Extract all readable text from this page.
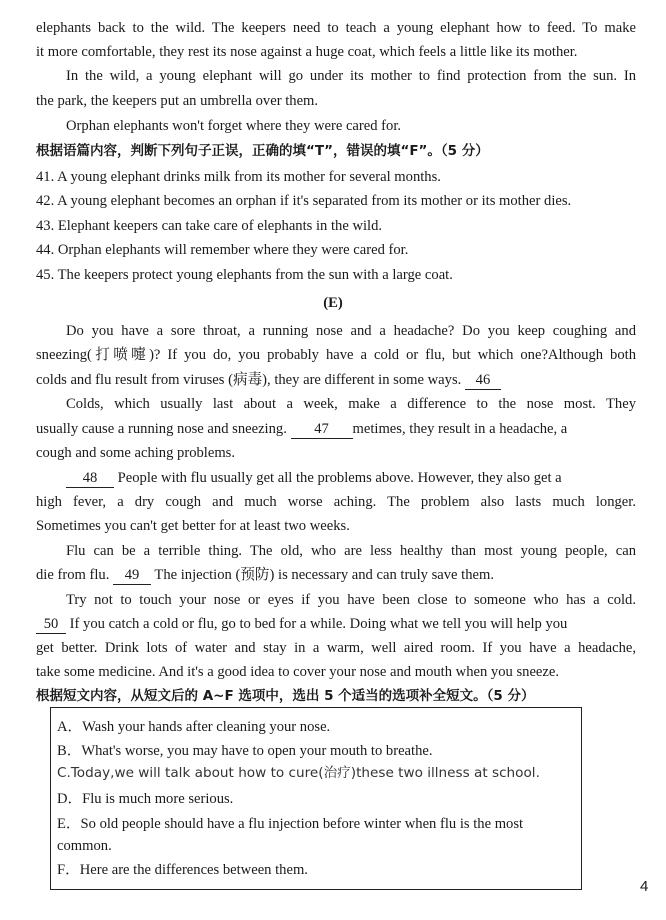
elephants back to the wild. The keepers need to teach a young elephant how to feed. To make

it more comfortable, they rest its nose against a huge coat, which feels a little like its mother.

In the wild, a young elephant will go under its mother to find protection from the sun. In

the park, the keepers put an umbrella over them.

Orphan elephants won't forget where they were cared for.

根据语篇内容，判断下列句子正误，正确的填“T”，错误的填“F”。（5 分）

41. A young elephant drinks milk from its mother for several months.

42. A young elephant becomes an orphan if it's separated from its mother or its mother dies.

43. Elephant keepers can take care of elephants in the wild.

44. Orphan elephants will remember where they were cared for.

45. The keepers protect young elephants from the sun with a large coat.

(E)

Do you have a sore throat, a running nose and a headache? Do you keep coughing and

sneezing(打喷嚏)? If you do, you probably have a cold or flu, but which one?Although both

colds and flu result from viruses (病毒), they are different in some ways. 46

Colds, which usually last about a week, make a difference to the nose most. They

usually cause a running nose and sneezing. 47 metimes, they result in a headache, a

cough and some aching problems.

48 People with flu usually get all the problems above. However, they also get a

high fever, a dry cough and much worse aching. The problem also lasts much longer.

Sometimes you can't get better for at least two weeks.

Flu can be a terrible thing. The old, who are less healthy than most young people, can

die from flu. 49 The injection (预防) is necessary and can truly save them.

Try not to touch your nose or eyes if you have been close to someone who has a cold.

50 If you catch a cold or flu, go to bed for a while. Doing what we tell you will help you

get better. Drink lots of water and stay in a warm, well aired room. If you have a headache,

take some medicine. And it's a good idea to cover your nose and mouth when you sneeze.

根据短文内容，从短文后的 A~F 选项中，选出 5 个适当的选项补全短文。（5 分）

A．Wash your hands after cleaning your nose.

B．What's worse, you may have to open your mouth to breathe.

C.Today,we will talk about how to cure(治疗)these two illness at school.

D．Flu is much more serious.

E．So old people should have a flu injection before winter when flu is the most

common.

F．Here are the differences between them.

4
